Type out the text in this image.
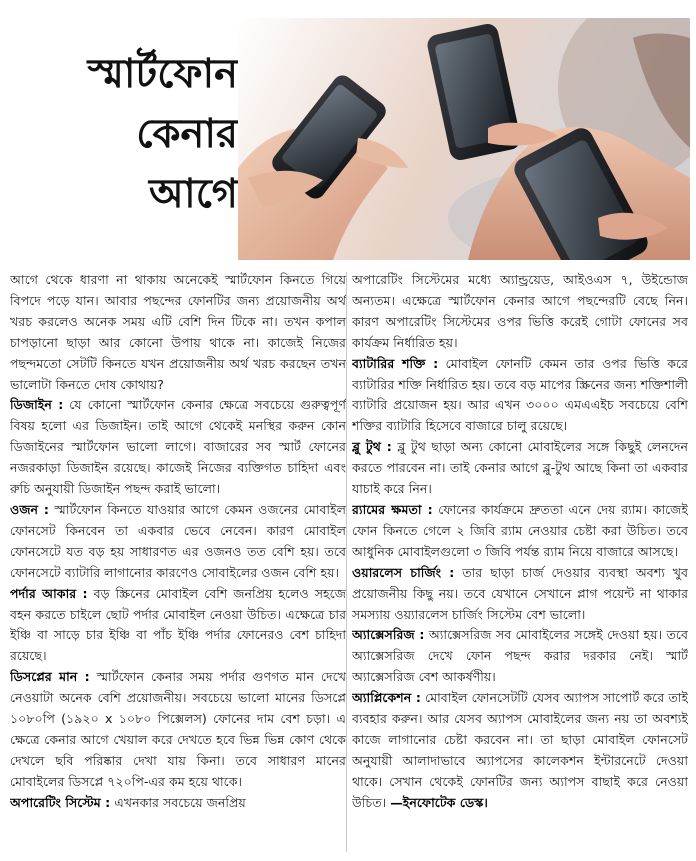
স্মার্টফোন
কেনার
আগে

আগে থেকে ধারণা না থাকায় অনেকেই স্মার্টফোন কিনতে গিয়ে বিপদে পড়ে যান। আবার পছন্দের ফোনটির জন্য প্রয়োজনীয় অর্থ খরচ করলেও অনেক সময় এটি বেশি দিন টিকে না। তখন কপাল চাপড়ানো ছাড়া আর কোনো উপায় থাকে না। কাজেই নিজের পছন্দমতো সেটটি কিনতে যখন প্রয়োজনীয় অর্থ খরচ করছেন তখন ভালোটা কিনতে দোষ কোথায়?

ডিজাইন : যে কোনো স্মার্টফোন কেনার ক্ষেত্রে সবচেয়ে গুরুত্বপূর্ণ বিষয় হলো এর ডিজাইন। তাই আগে থেকেই মনস্থির করুন কোন ডিজাইনের স্মার্টফোন ভালো লাগে। বাজারের সব স্মার্ট ফোনের নজরকাড়া ডিজাইন রয়েছে। কাজেই নিজের ব্যক্তিগত চাহিদা এবং রুচি অনুযায়ী ডিজাইন পছন্দ করাই ভালো।

ওজন : স্মার্টফোন কিনতে যাওয়ার আগে কেমন ওজনের মোবাইল ফোনসেট কিনবেন তা একবার ভেবে নেবেন। কারণ মোবাইল ফোনসেটে যত বড় হয় সাধারণত এর ওজনও তত বেশি হয়। তবে ফোনসেটে ব্যাটারি লাগানোর কারণেও সোবাইলের ওজন বেশি হয়।

পর্দার আকার : বড় স্ক্রিনের মোবাইল বেশি জনপ্রিয় হলেও সহজে বহন করতে চাইলে ছোট পর্দার মোবাইল নেওয়া উচিত। এক্ষেত্রে চার ইঞ্চি বা সাড়ে চার ইঞ্চি বা পাঁচ ইঞ্চি পর্দার ফোনেরও বেশ চাহিদা রয়েছে।

ডিসপ্লের মান : স্মার্টফোন কেনার সময় পর্দার গুণগত মান দেখে নেওয়াটা অনেক বেশি প্রয়োজনীয়। সবচেয়ে ভালো মানের ডিসপ্লে ১০৮০পি (১৯২০ x ১০৮০ পিক্সেলস) ফোনের দাম বেশ চড়া। এ ক্ষেত্রে কেনার আগে খেয়াল করে দেখতে হবে ভিন্ন ভিন্ন কোণ থেকে দেখলে ছবি পরিষ্কার দেখা যায় কিনা। তবে সাধারণ মানের মোবাইলের ডিসপ্লে ৭২০পি-এর কম হয়ে থাকে।

অপারেটিং সিস্টেম : এখনকার সবচেয়ে জনপ্রিয়

অপারেটিং সিস্টেমের মধ্যে অ্যান্ড্রয়েড, আইওএস ৭, উইন্ডোজ অন্যতম। এক্ষেত্রে স্মার্টফোন কেনার আগে পছন্দেরটি বেছে নিন। কারণ অপারেটিং সিস্টেমের ওপর ভিত্তি করেই গোটা ফোনের সব কার্যক্রম নির্ধারিত হয়।

ব্যাটারির শক্তি : মোবাইল ফোনটি কেমন তার ওপর ভিত্তি করে ব্যাটারির শক্তি নির্ধারিত হয়। তবে বড় মাপের স্ক্রিনের জন্য শক্তিশালী ব্যাটারি প্রয়োজন হয়। আর এখন ৩০০০ এমএএইচ সবচেয়ে বেশি শক্তির ব্যাটারি হিসেবে বাজারে চালু রয়েছে।

ব্লু টুথ : ব্লু টুথ ছাড়া অন্য কোনো মোবাইলের সঙ্গে কিছুই লেনদেন করতে পারবেন না। তাই কেনার আগে ব্লু-টুথ আছে কিনা তা একবার যাচাই করে নিন।

র‍্যামের ক্ষমতা : ফোনের কার্যক্রমে দ্রুততা এনে দেয় র‍্যাম। কাজেই ফোন কিনতে গেলে ২ জিবি র‍্যাম নেওয়ার চেষ্টা করা উচিত। তবে আধুনিক মোবাইলগুলো ৩ জিবি পর্যন্ত র‍্যাম নিয়ে বাজারে আসছে।

ওয়ারলেস চার্জিং : তার ছাড়া চার্জ দেওয়ার ব্যবস্থা অবশ্য খুব প্রয়োজনীয় কিছু নয়। তবে যেখানে সেখানে প্লাগ পয়েন্ট না থাকার সমস্যায় ওয়্যারলেস চার্জিং সিস্টেম বেশ ভালো।

অ্যাক্সেসরিজ : অ্যাক্সেসরিজ সব মোবাইলের সঙ্গেই দেওয়া হয়। তবে অ্যাক্সেসরিজ দেখে ফোন পছন্দ করার দরকার নেই। স্মার্ট অ্যাক্সেসরিজ বেশ আকর্ষণীয়।

অ্যাপ্লিকেশন : মোবাইল ফোনসেটটি যেসব অ্যাপস সাপোর্ট করে তাই ব্যবহার করুন। আর যেসব অ্যাপস মোবাইলের জন্য নয় তা অবশ্যই কাজে লাগানোর চেষ্টা করবেন না। তা ছাড়া মোবাইল ফোনসেট অনুযায়ী আলাদাভাবে অ্যাপসের কালেকশন ইন্টারনেটে দেওয়া থাকে। সেখান থেকেই ফোনটির জন্য অ্যাপস বাছাই করে নেওয়া উচিত। —ইনফোটেক ডেস্ক।
